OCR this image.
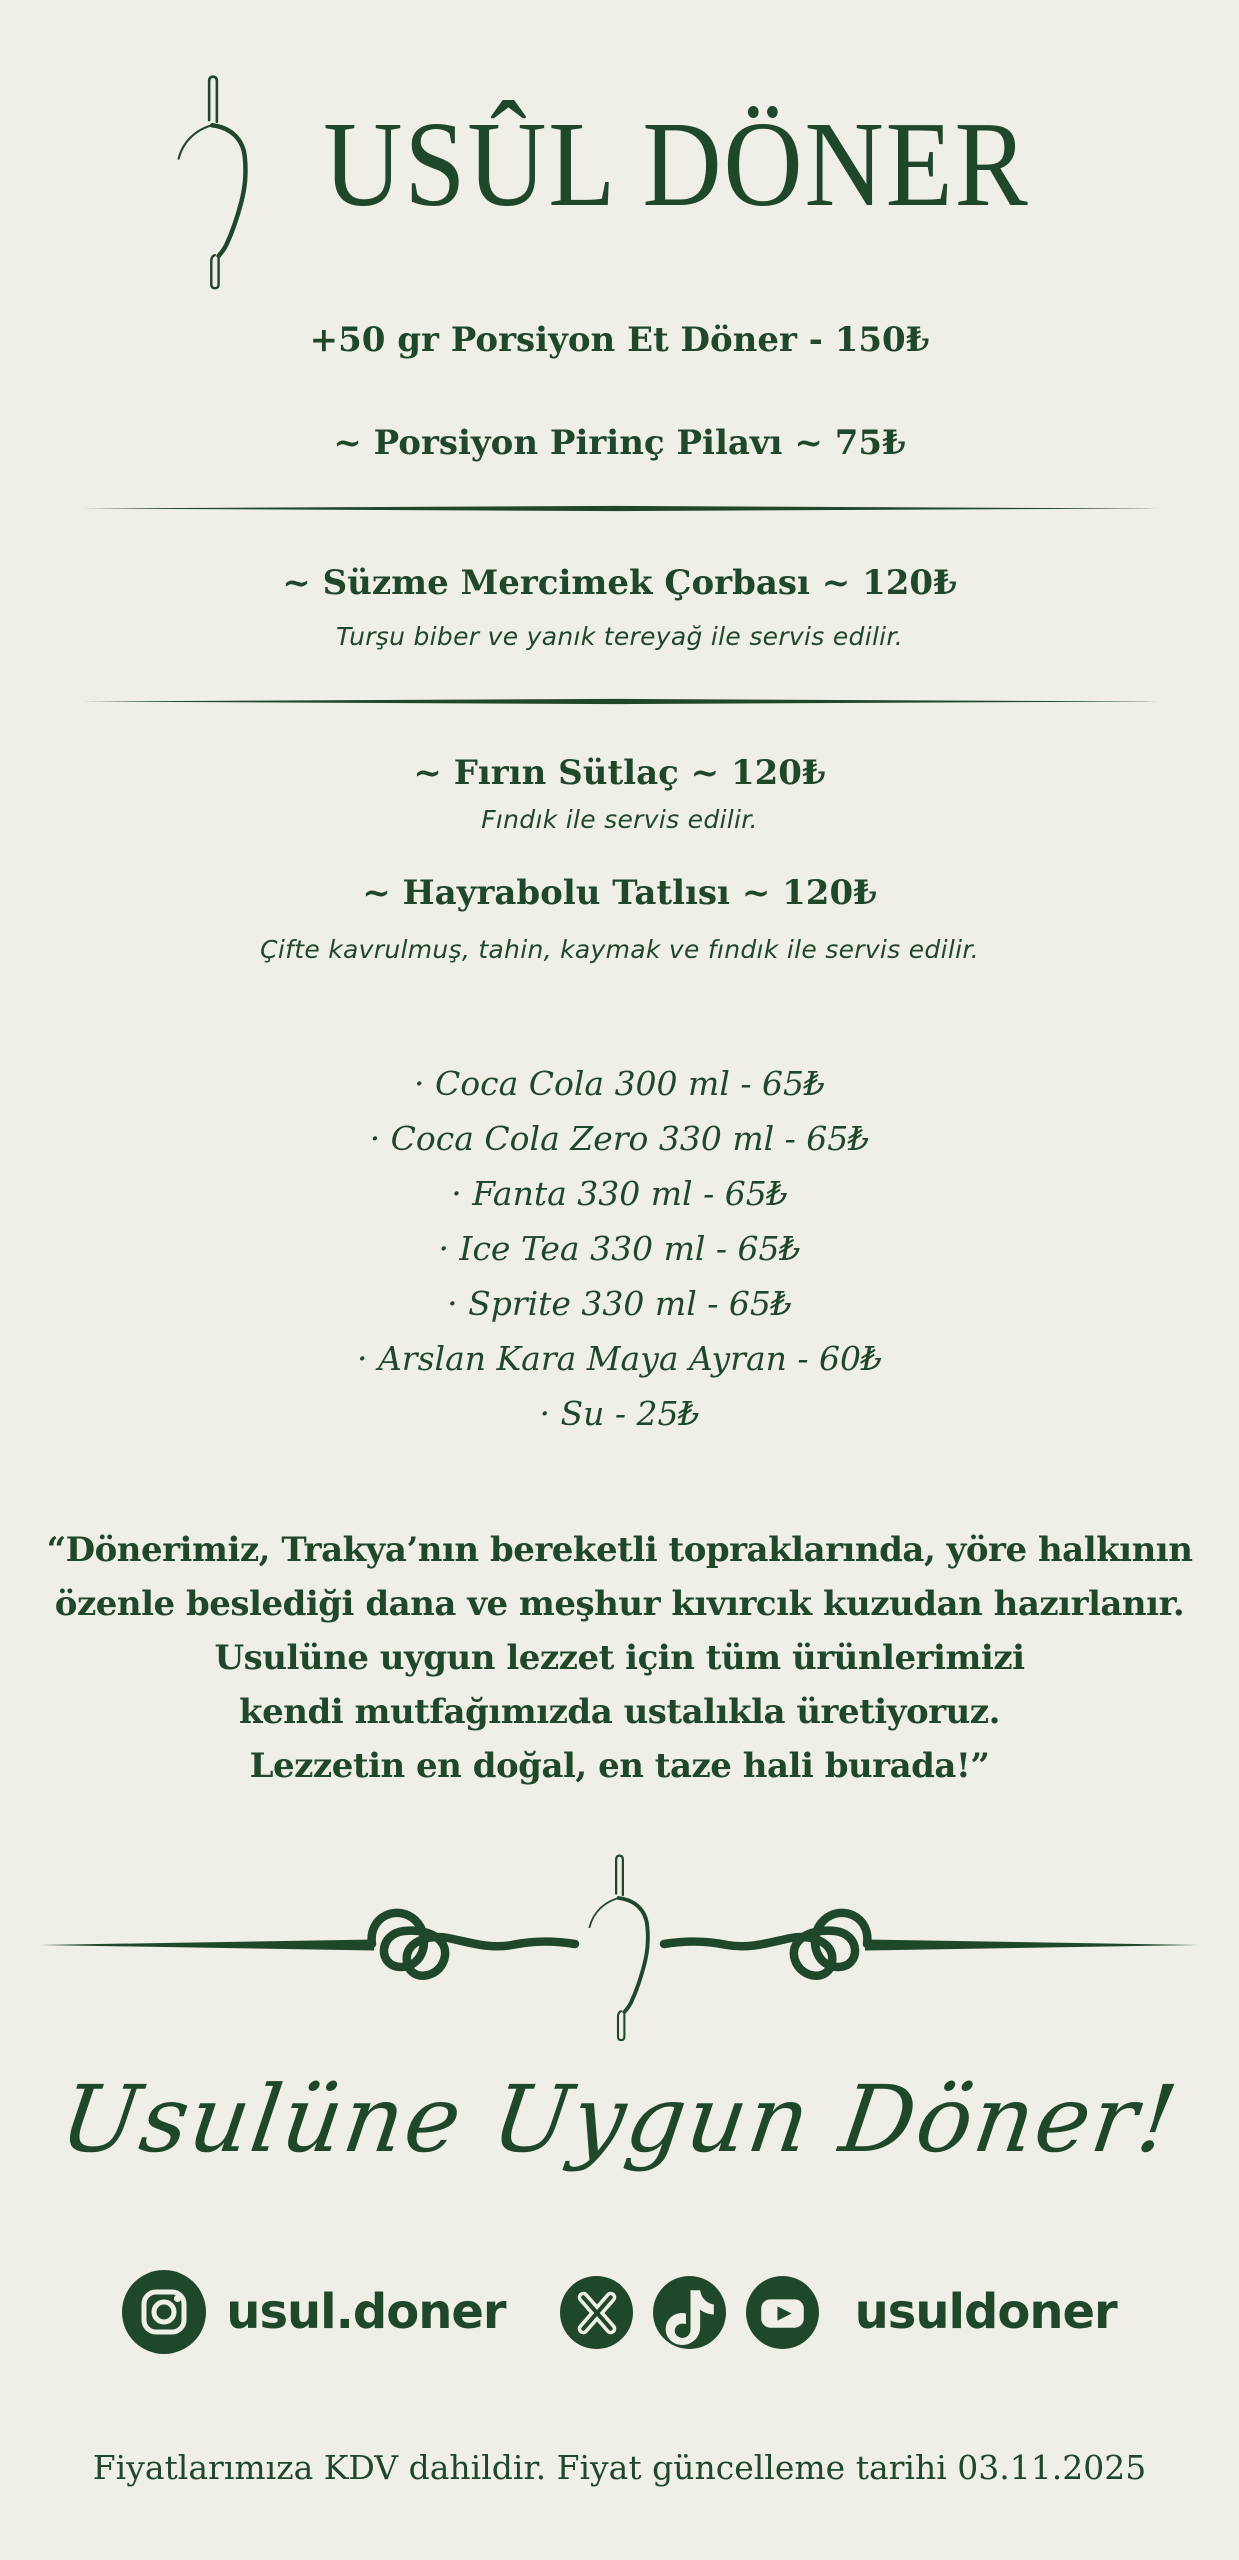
USÛL DÖNER
+50 gr Porsiyon Et Döner - 150₺
~ Porsiyon Pirinç Pilavı ~ 75₺
~ Süzme Mercimek Çorbası ~ 120₺
Turşu biber ve yanık tereyağ ile servis edilir.
~ Fırın Sütlaç ~ 120₺
Fındık ile servis edilir.
~ Hayrabolu Tatlısı ~ 120₺
Çifte kavrulmuş, tahin, kaymak ve fındık ile servis edilir.
· Coca Cola 300 ml - 65₺
· Coca Cola Zero 330 ml - 65₺
· Fanta 330 ml - 65₺
· Ice Tea 330 ml - 65₺
· Sprite 330 ml - 65₺
· Arslan Kara Maya Ayran - 60₺
· Su - 25₺
“Dönerimiz, Trakya’nın bereketli topraklarında, yöre halkının
özenle beslediği dana ve meşhur kıvırcık kuzudan hazırlanır.
Usulüne uygun lezzet için tüm ürünlerimizi
kendi mutfağımızda ustalıkla üretiyoruz.
Lezzetin en doğal, en taze hali burada!”
Usulüne Uygun Döner!
usul.doner	usuldoner
Fiyatlarımıza KDV dahildir. Fiyat güncelleme tarihi 03.11.2025
